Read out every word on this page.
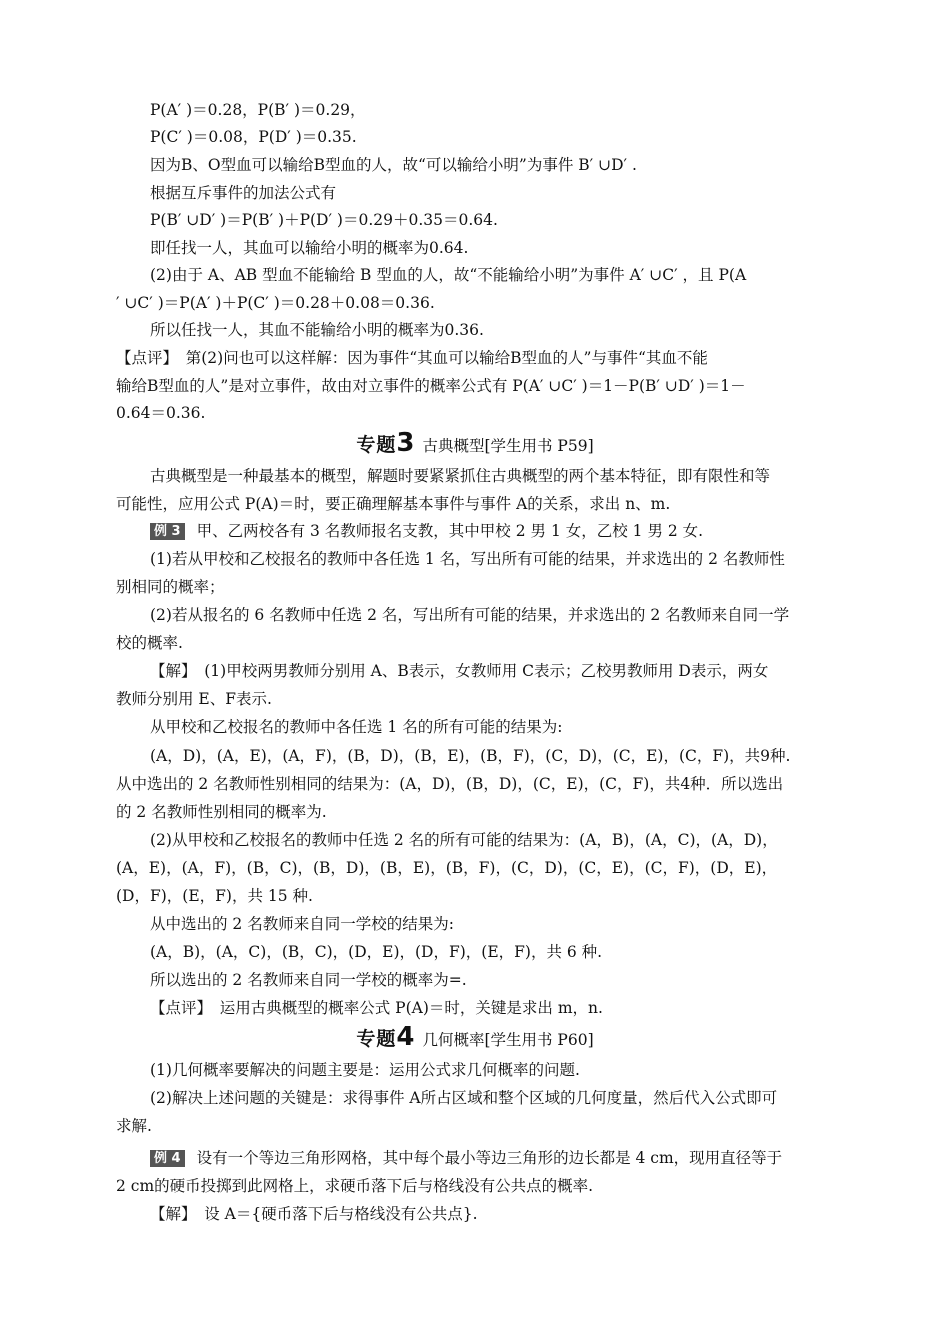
P(A′ )＝0.28，P(B′ )＝0.29，
P(C′ )＝0.08，P(D′ )＝0.35.
因为B、O型血可以输给B型血的人，故“可以输给小明”为事件 B′ ∪D′ .
根据互斥事件的加法公式有
P(B′ ∪D′ )＝P(B′ )＋P(D′ )＝0.29＋0.35＝0.64.
即任找一人，其血可以输给小明的概率为0.64.
(2)由于 A、AB 型血不能输给 B 型血的人，故“不能输给小明”为事件 A′ ∪C′ ，且 P(A
′ ∪C′ )＝P(A′ )＋P(C′ )＝0.28＋0.08＝0.36.
所以任找一人，其血不能输给小明的概率为0.36.
【点评】　第(2)问也可以这样解：因为事件“其血可以输给B型血的人”与事件“其血不能
输给B型血的人”是对立事件，故由对立事件的概率公式有 P(A′ ∪C′ )＝1－P(B′ ∪D′ )＝1－
0.64＝0.36.
专题3 古典概型[学生用书 P59]
古典概型是一种最基本的概型，解题时要紧紧抓住古典概型的两个基本特征，即有限性和等
可能性，应用公式 P(A)＝时，要正确理解基本事件与事件 A的关系，求出 n、m.
例 3 甲、乙两校各有 3 名教师报名支教，其中甲校 2 男 1 女，乙校 1 男 2 女.
(1)若从甲校和乙校报名的教师中各任选 1 名，写出所有可能的结果，并求选出的 2 名教师性
别相同的概率；
(2)若从报名的 6 名教师中任选 2 名，写出所有可能的结果，并求选出的 2 名教师来自同一学
校的概率.
【解】　(1)甲校两男教师分别用 A、B表示，女教师用 C表示；乙校男教师用 D表示，两女
教师分别用 E、F表示.
从甲校和乙校报名的教师中各任选 1 名的所有可能的结果为:
(A，D)，(A，E)，(A，F)，(B，D)，(B，E)，(B，F)，(C，D)，(C，E)，(C，F)，共9种.
从中选出的 2 名教师性别相同的结果为：(A，D)，(B，D)，(C，E)，(C，F)，共4种．所以选出
的 2 名教师性别相同的概率为.
(2)从甲校和乙校报名的教师中任选 2 名的所有可能的结果为：(A，B)，(A，C)，(A，D)，
(A，E)，(A，F)，(B，C)，(B，D)，(B，E)，(B，F)，(C，D)，(C，E)，(C，F)，(D，E)，
(D，F)，(E，F)，共 15 种.
从中选出的 2 名教师来自同一学校的结果为:
(A，B)，(A，C)，(B，C)，(D，E)，(D，F)，(E，F)，共 6 种.
所以选出的 2 名教师来自同一学校的概率为=.
【点评】　运用古典概型的概率公式 P(A)＝时，关键是求出 m，n.
专题4 几何概率[学生用书 P60]
(1)几何概率要解决的问题主要是：运用公式求几何概率的问题.
(2)解决上述问题的关键是：求得事件 A所占区域和整个区域的几何度量，然后代入公式即可
求解.
例 4 设有一个等边三角形网格，其中每个最小等边三角形的边长都是 4 cm，现用直径等于
2 cm的硬币投掷到此网格上，求硬币落下后与格线没有公共点的概率.
【解】　设 A＝{硬币落下后与格线没有公共点}.
